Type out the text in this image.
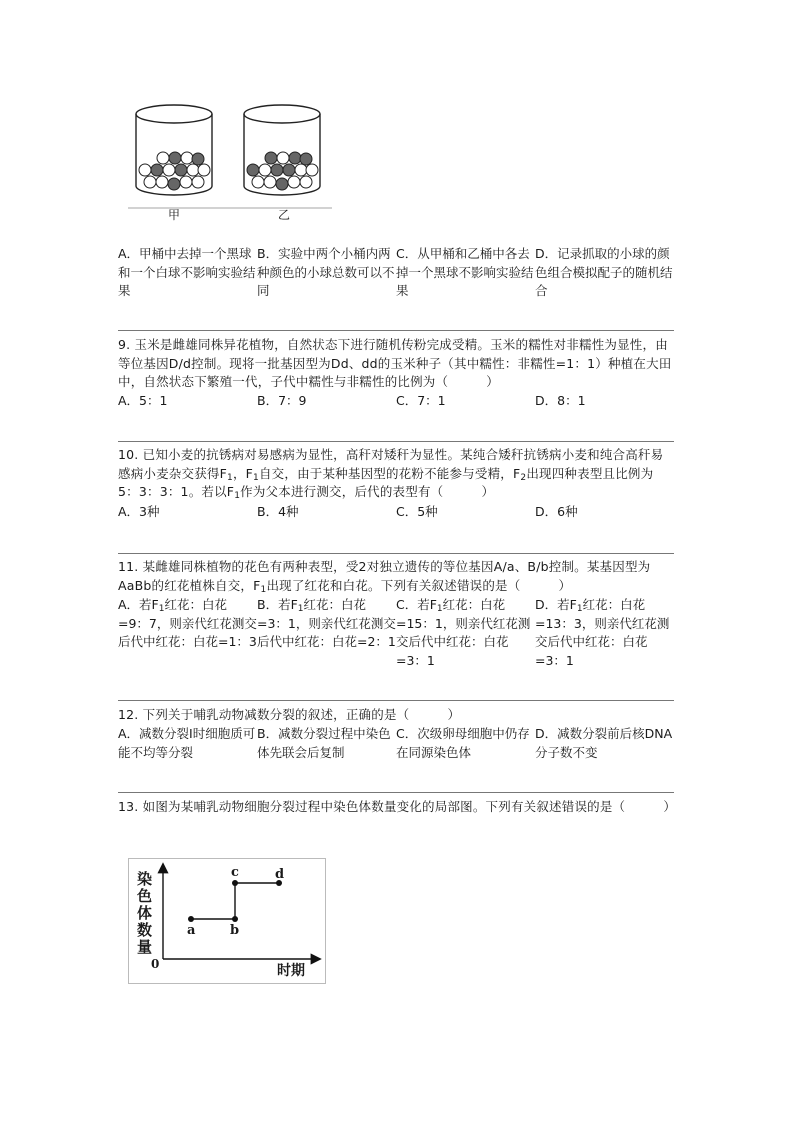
甲	乙
A．甲桶中去掉一个黑球和一个白球不影响实验结果
B．实验中两个小桶内两种颜色的小球总数可以不同
C．从甲桶和乙桶中各去掉一个黑球不影响实验结果
D．记录抓取的小球的颜色组合模拟配子的随机结合
9. 玉米是雌雄同株异花植物，自然状态下进行随机传粉完成受精。玉米的糯性对非糯性为显性，由等位基因D/d控制。现将一批基因型为Dd、dd的玉米种子（其中糯性：非糯性=1：1）种植在大田中，自然状态下繁殖一代，子代中糯性与非糯性的比例为（　　　）
A．5：1	B．7：9	C．7：1	D．8：1
10. 已知小麦的抗锈病对易感病为显性，高秆对矮秆为显性。某纯合矮秆抗锈病小麦和纯合高秆易感病小麦杂交获得$F_1$，$F_1$自交，由于某种基因型的花粉不能参与受精，$F_2$出现四种表型且比例为5：3：3：1。若以$F_1$作为父本进行测交，后代的表型有（　　　）
A．3种	B．4种	C．5种	D．6种
11. 某雌雄同株植物的花色有两种表型，受2对独立遗传的等位基因A/a、B/b控制。某基因型为AaBb的红花植株自交，$F_1$出现了红花和白花。下列有关叙述错误的是（　　　）
A．若$F_1$红花：白花=9：7，则亲代红花测交后代中红花：白花=1：3
B．若$F_1$红花：白花=3：1，则亲代红花测交后代中红花：白花=2：1
C．若$F_1$红花：白花=15：1，则亲代红花测交后代中红花：白花=3：1
D．若$F_1$红花：白花=13：3，则亲代红花测交后代中红花：白花=3：1
12. 下列关于哺乳动物减数分裂的叙述，正确的是（　　　）
A．减数分裂Ⅰ时细胞质可能不均等分裂
B．减数分裂过程中染色体先联会后复制
C．次级卵母细胞中仍存在同源染色体
D．减数分裂前后核DNA分子数不变
13. 如图为某哺乳动物细胞分裂过程中染色体数量变化的局部图。下列有关叙述错误的是（　　　）
染色体数量
0	时期
a	b
c	d
